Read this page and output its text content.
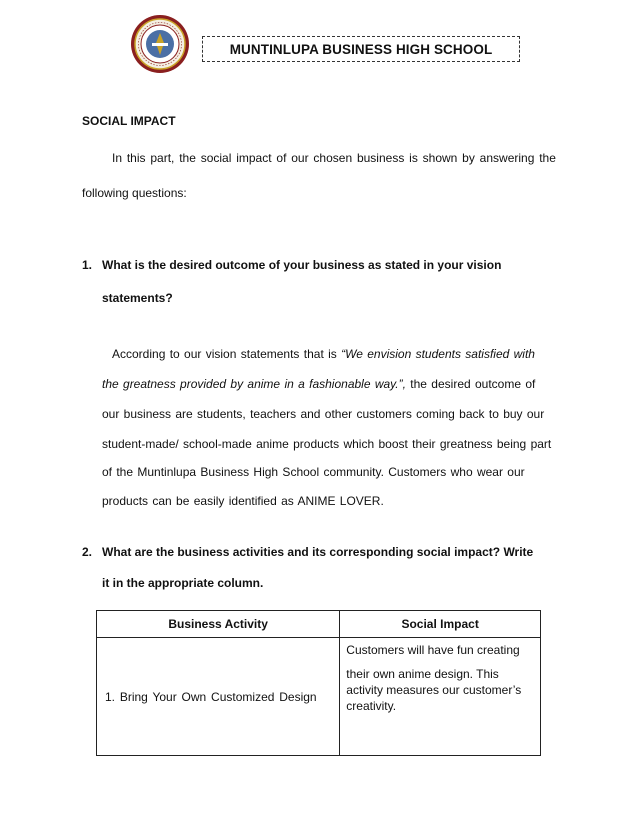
MUNTINLUPA BUSINESS HIGH SCHOOL
SOCIAL IMPACT
In this part, the social impact of our chosen business is shown by answering the
following questions:
1. What is the desired outcome of your business as stated in your vision
statements?
According to our vision statements that is “We envision students satisfied with
the greatness provided by anime in a fashionable way.”, the desired outcome of
our business are students, teachers and other customers coming back to buy our
student-made/ school-made anime products which boost their greatness being part
of the Muntinlupa Business High School community. Customers who wear our
products can be easily identified as ANIME LOVER.
2. What are the business activities and its corresponding social impact? Write
it in the appropriate column.
Business Activity	Social Impact
1. Bring Your Own Customized Design	Customers will have fun creating
their own anime design. This
activity measures our customer’s
creativity.
